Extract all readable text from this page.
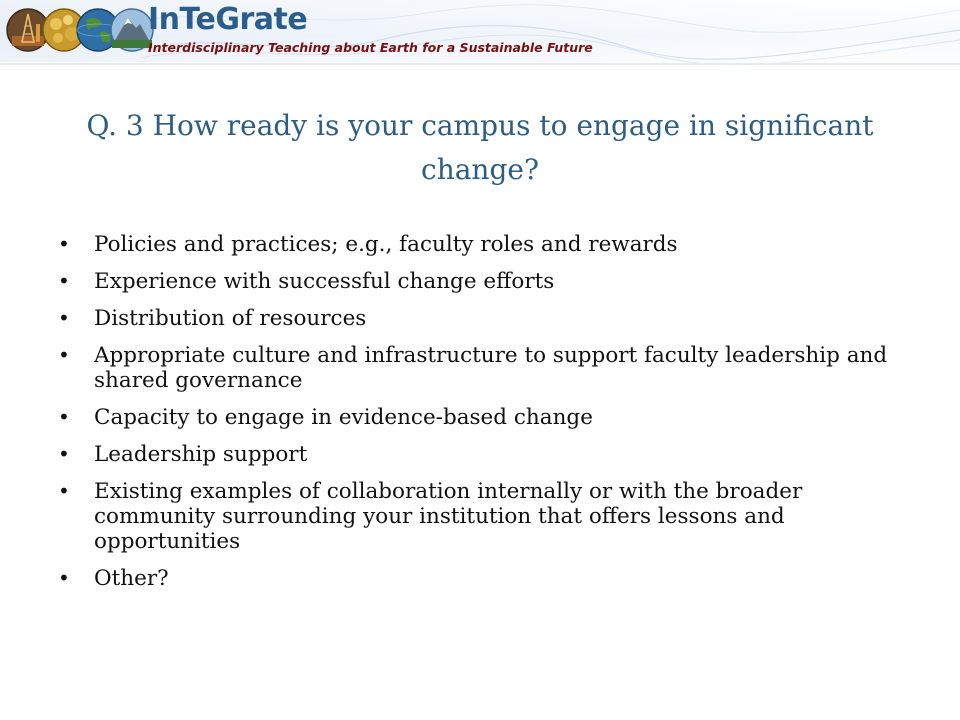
InTeGrate
Interdisciplinary Teaching about Earth for a Sustainable Future
Q. 3 How ready is your campus to engage in significant change?
•	Policies and practices; e.g., faculty roles and rewards
•	Experience with successful change efforts
•	Distribution of resources
•	Appropriate culture and infrastructure to support faculty leadership and shared governance
•	Capacity to engage in evidence-based change
•	Leadership support
•	Existing examples of collaboration internally or with the broader community surrounding your institution that offers lessons and opportunities
•	Other?
